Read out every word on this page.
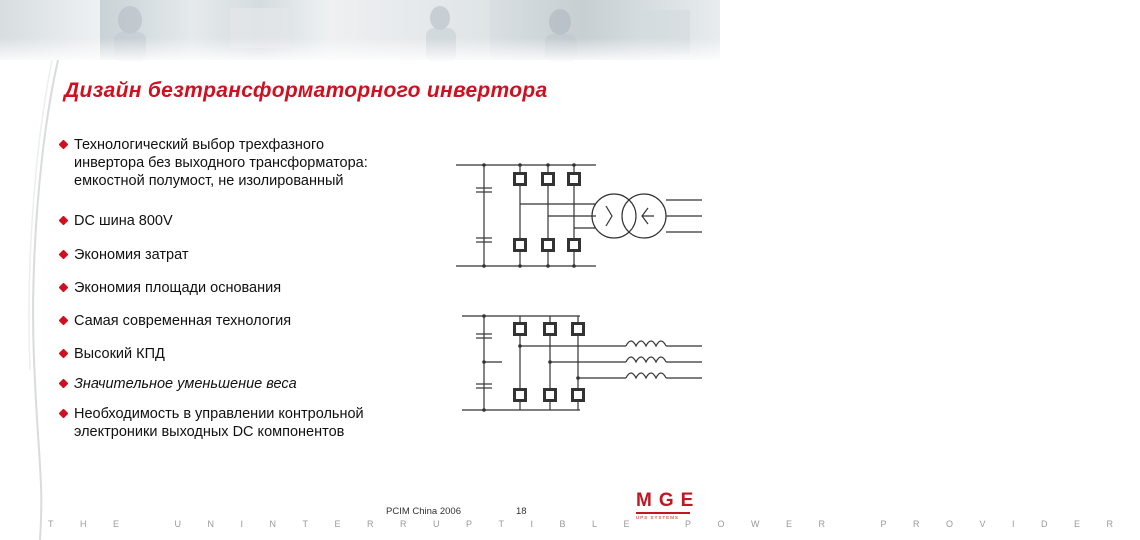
Дизайн безтрансформаторного инвертора
Технологический выбор трехфазного
инвертора без выходного трансформатора:
емкостной полумост, не изолированный
DC шина 800V
Экономия затрат
Экономия площади основания
Самая современная технология
Высокий КПД
Значительное уменьшение веса
Необходимость в управлении контрольной
электроники выходных DC компонентов
PCIM China 2006	18
THE UNINTERRUPTIBLE POWER PROVIDER
MGE
UPS SYSTEMS
